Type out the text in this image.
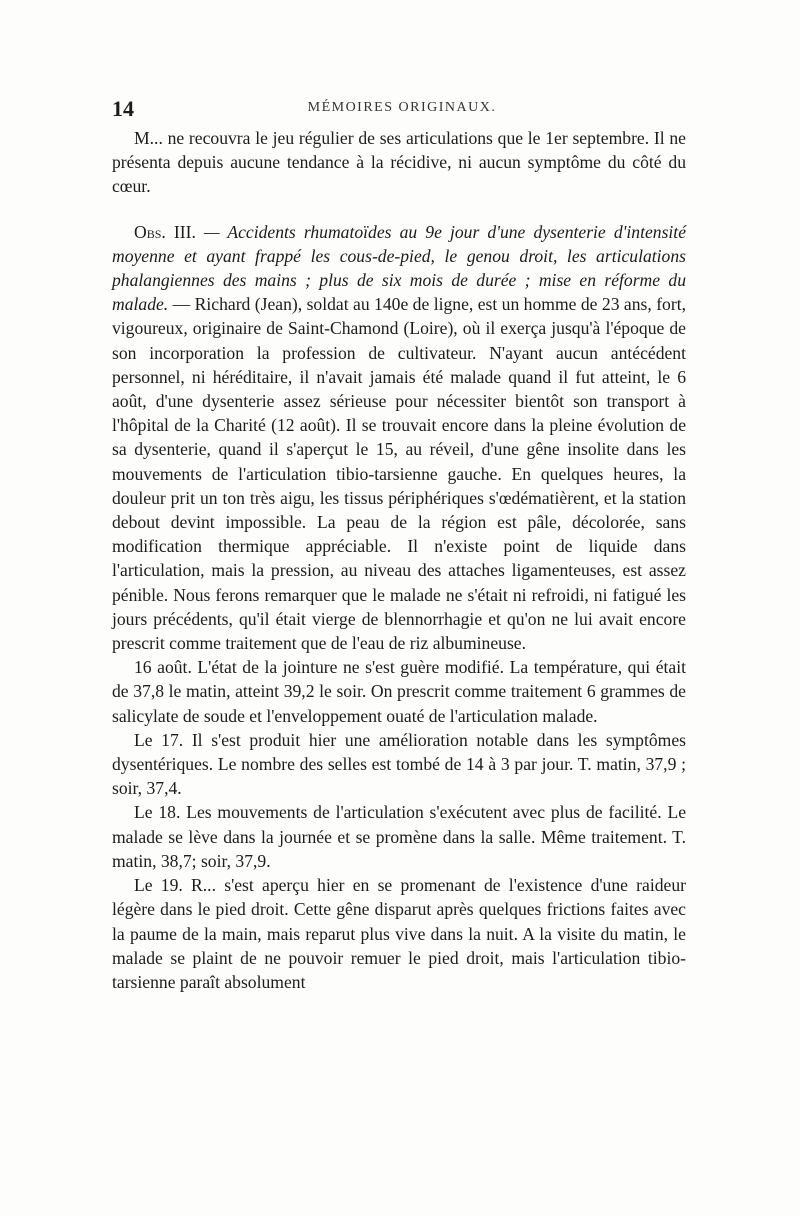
14	MÉMOIRES ORIGINAUX.

M... ne recouvra le jeu régulier de ses articulations que le 1er septembre. Il ne présenta depuis aucune tendance à la récidive, ni aucun symptôme du côté du cœur.

Obs. III. — Accidents rhumatoïdes au 9e jour d'une dysenterie d'intensité moyenne et ayant frappé les cous-de-pied, le genou droit, les articulations phalangiennes des mains ; plus de six mois de durée ; mise en réforme du malade. — Richard (Jean), soldat au 140e de ligne, est un homme de 23 ans, fort, vigoureux, originaire de Saint-Chamond (Loire), où il exerça jusqu'à l'époque de son incorporation la profession de cultivateur. N'ayant aucun antécédent personnel, ni héréditaire, il n'avait jamais été malade quand il fut atteint, le 6 août, d'une dysenterie assez sérieuse pour nécessiter bientôt son transport à l'hôpital de la Charité (12 août). Il se trouvait encore dans la pleine évolution de sa dysenterie, quand il s'aperçut le 15, au réveil, d'une gêne insolite dans les mouvements de l'articulation tibio-tarsienne gauche. En quelques heures, la douleur prit un ton très aigu, les tissus périphériques s'œdématièrent, et la station debout devint impossible. La peau de la région est pâle, décolorée, sans modification thermique appréciable. Il n'existe point de liquide dans l'articulation, mais la pression, au niveau des attaches ligamenteuses, est assez pénible. Nous ferons remarquer que le malade ne s'était ni refroidi, ni fatigué les jours précédents, qu'il était vierge de blennorrhagie et qu'on ne lui avait encore prescrit comme traitement que de l'eau de riz albumineuse.

16 août. L'état de la jointure ne s'est guère modifié. La température, qui était de 37,8 le matin, atteint 39,2 le soir. On prescrit comme traitement 6 grammes de salicylate de soude et l'enveloppement ouaté de l'articulation malade.

Le 17. Il s'est produit hier une amélioration notable dans les symptômes dysentériques. Le nombre des selles est tombé de 14 à 3 par jour. T. matin, 37,9 ; soir, 37,4.

Le 18. Les mouvements de l'articulation s'exécutent avec plus de facilité. Le malade se lève dans la journée et se promène dans la salle. Même traitement. T. matin, 38,7; soir, 37,9.

Le 19. R... s'est aperçu hier en se promenant de l'existence d'une raideur légère dans le pied droit. Cette gêne disparut après quelques frictions faites avec la paume de la main, mais reparut plus vive dans la nuit. A la visite du matin, le malade se plaint de ne pouvoir remuer le pied droit, mais l'articulation tibio-tarsienne paraît absolument
